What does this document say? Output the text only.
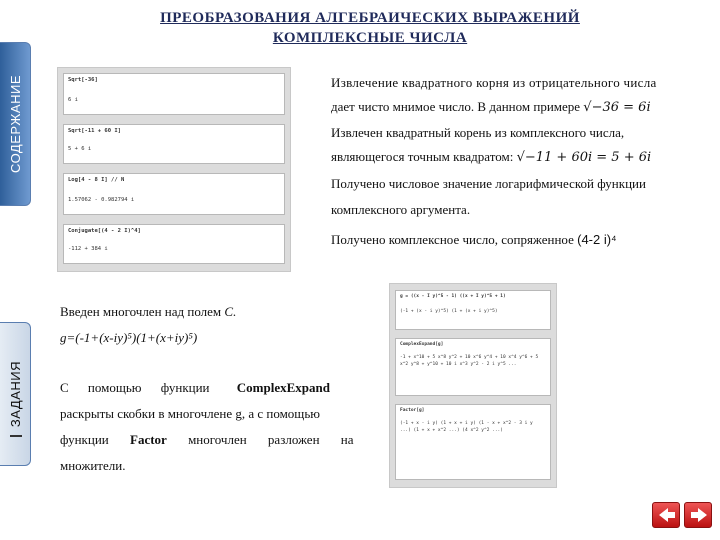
ПРЕОБРАЗОВАНИЯ АЛГЕБРАИЧЕСКИХ ВЫРАЖЕНИЙ
КОМПЛЕКСНЫЕ ЧИСЛА
СОДЕРЖАНИЕ
ЗАДАНИЯ
Sqrt[-36]
6 i
Sqrt[-11 + 60 I]
5 + 6 i
Log[4 - 8 I] // N
1.57062 - 0.982794 i
Conjugate[(4 - 2 I)^4]
-112 + 384 i
Извлечение квадратного корня из отрицательного числа
дает чисто мнимое число. В данном примере √−36 = 6i
Извлечен квадратный корень из комплексного числа,
являющегося точным квадратом: √−11 + 60i = 5 + 6i
Получено числовое значение логарифмической функции
комплексного аргумента.
Получено комплексное число, сопряженное (4-2 i)⁴
Введен многочлен над полем C.
g=(-1+(x-iy)⁵)(1+(x+iy)⁵)
С помощью функции ComplexExpand
раскрыты скобки в многочлене g, а с помощью
функции Factor многочлен разложен на
множители.
g = ((x - I y)^5 - 1) ((x + I y)^5 + 1)
(-1 + (x - i y)^5) (1 + (x + i y)^5)
ComplexExpand[g]
-1 + x^10 + 5 x^8 y^2 + 10 x^6 y^4 + 10 x^4 y^6 + 5 x^2 y^8 + y^10 + 10 i x^3 y^2 - 2 i y^5 ...
Factor[g]
(-1 + x - i y) (1 + x + i y) (1 - x + x^2 - 3 i y ...) (1 + x + x^2 ...) (4 x^2 y^2 ...)
